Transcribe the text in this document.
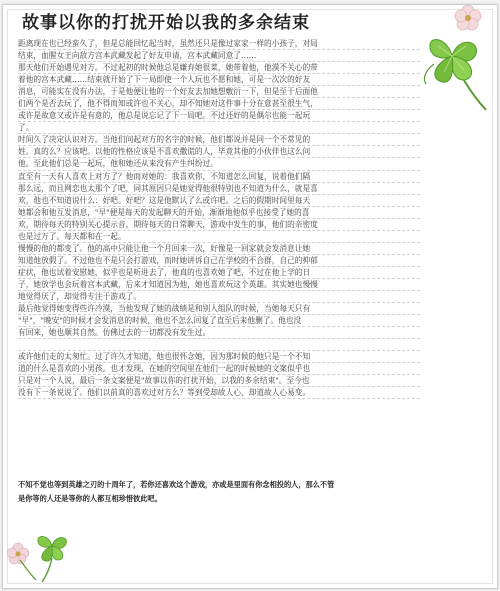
故事以你的打扰开始以我的多余结束

距离现在也已经蛮久了，但是总能回忆起当时，虽然还只是像过家家一样的小孩子，对局
结束，血腥女王向敌方宫本武藏发起了好友申请，宫本武藏同意了……

那天他们开始遇见对方。不过起初的时候他总是嫌弃她很菜，她带着他，他漠不关心的带
着他的宫本武藏……结束就开始了下一局即使一个人玩也不愿和她，可是一次次的好友
消息，可能实在没有办法，于是他便让他的一个好友去加她想敷衍一下，但是至于后面他
们两个是否去玩了，他不得而知或许也不关心，却不知她对这件事十分在意甚至很生气，
或许是故意又或许是有意的，他总是说忘记了下一局吧。不过还好的是偶尔也能一起玩
了。

时间久了决定认识对方。当他们问起对方的名字的时候，他们都说并是同一个不常见的
姓。真的么？应该吧。以他的性格应该是不喜欢撒谎的人，毕竟其他的小伙伴也这么问
他。至此他们总是一起玩，他和她还从来没有产生纠纷过。

直至有一天有人喜欢上对方了？他而对她的：我喜欢你，不知道怎么回复，说着他们隔
那么远，而且网恋也太那个了吧，同其原因只是她觉得他很特别也不知道为什么，就是喜
欢，他也不知道说什么：好吧。好吧？这是他默认了么或许吧。之后的假期时间里每天
她都会和他互发消息，"早"便是每天的发起聊天的开始，渐渐地他似乎也接受了她的喜
欢，期待每天的特别关心提示音，期待每天的日常聊天，游戏中发生的事，他们的亲密度
也是过万了。每天都和在一起。

慢慢的他的都变了。他的高中只能让他一个月回来一次，好像是一回家就会发消息让她
知道他放假了。不过他也不是只会打游戏，而时她讲诉自己在学校的不合群，自己的抑郁
症状，他也试着安慰她，似乎也是听进去了，他真的也喜欢她了吧，不过在他上学的日
子，她放学也会玩着宫本武藏，后来才知道因为他，她也喜欢玩这个英雄。其实她也慢慢
地觉得厌了，却觉得专注于游戏了。

最后他觉得她变得些许冷漠，当他发现了她的战绩是和别人组队的时候，当她每天只有
"早"，"晚安"的时候才会发消息的时候，他也不怎么回复了直至后来他删了。他也没
有回来，她也顺其自然。仿佛过去的一切都没有发生过。

或许他们走的太匆忙。过了许久才知道，他也很怀念她，因为那时候的他只是一个不知
道的什么是喜欢的小男孩。也才发现，在她的空间里在他们一起的时候她的文案似乎也
只是对一个人说，最后一条文案便是"故事以你的打扰开始，以我的多余结束"。至今也
没有下一条说说了。他们以前真的喜欢过对方么？等到受却故人心，却道故人心易变。

不知不觉也等到英雄之刃的十周年了，若你还喜欢这个游戏，亦或是里面有你念相投的人，那么不管
是你等的人还是等你的人都互相珍惜彼此吧。
